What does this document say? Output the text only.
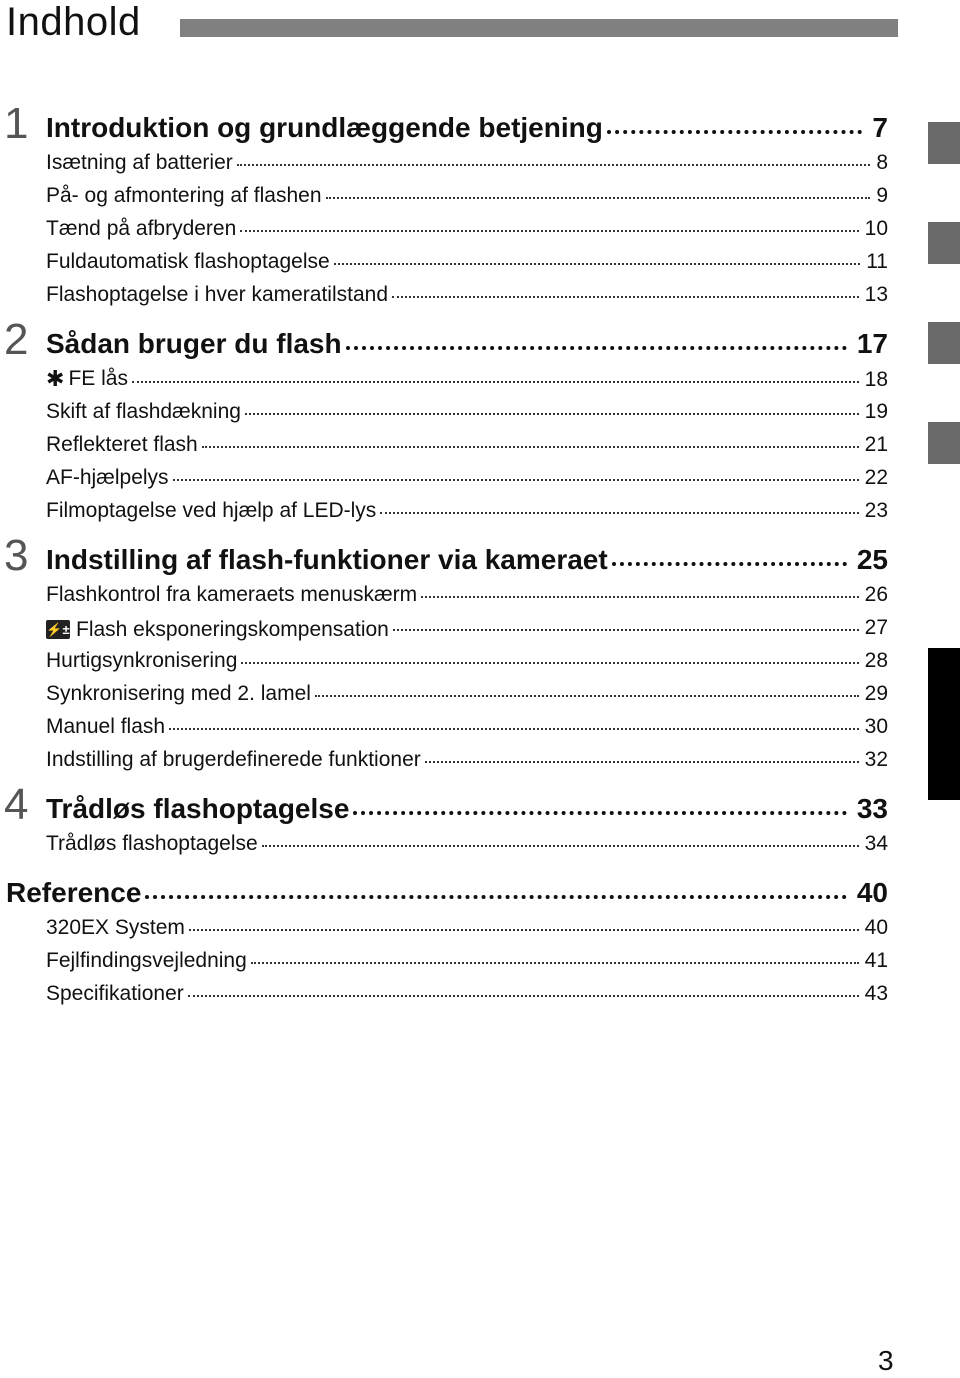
Indhold
1 Introduktion og grundlæggende betjening	7
Isætning af batterier	8
På- og afmontering af flashen	9
Tænd på afbryderen	10
Fuldautomatisk flashoptagelse	11
Flashoptagelse i hver kameratilstand	13
2 Sådan bruger du flash	17
✱ FE lås	18
Skift af flashdækning	19
Reflekteret flash	21
AF-hjælpelys	22
Filmoptagelse ved hjælp af LED-lys	23
3 Indstilling af flash-funktioner via kameraet	25
Flashkontrol fra kameraets menuskærm	26
⚡± Flash eksponeringskompensation	27
Hurtigsynkronisering	28
Synkronisering med 2. lamel	29
Manuel flash	30
Indstilling af brugerdefinerede funktioner	32
4 Trådløs flashoptagelse	33
Trådløs flashoptagelse	34
Reference	40
320EX System	40
Fejlfindingsvejledning	41
Specifikationer	43
3
